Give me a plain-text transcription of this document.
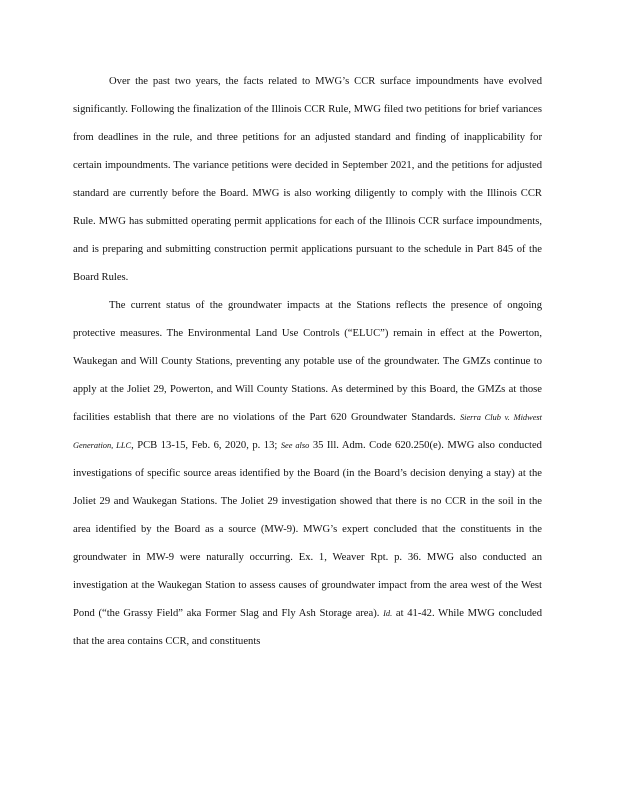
Over the past two years, the facts related to MWG’s CCR surface impoundments have evolved significantly. Following the finalization of the Illinois CCR Rule, MWG filed two petitions for brief variances from deadlines in the rule, and three petitions for an adjusted standard and finding of inapplicability for certain impoundments. The variance petitions were decided in September 2021, and the petitions for adjusted standard are currently before the Board. MWG is also working diligently to comply with the Illinois CCR Rule. MWG has submitted operating permit applications for each of the Illinois CCR surface impoundments, and is preparing and submitting construction permit applications pursuant to the schedule in Part 845 of the Board Rules.

The current status of the groundwater impacts at the Stations reflects the presence of ongoing protective measures. The Environmental Land Use Controls (“ELUC”) remain in effect at the Powerton, Waukegan and Will County Stations, preventing any potable use of the groundwater. The GMZs continue to apply at the Joliet 29, Powerton, and Will County Stations. As determined by this Board, the GMZs at those facilities establish that there are no violations of the Part 620 Groundwater Standards. Sierra Club v. Midwest Generation, LLC, PCB 13-15, Feb. 6, 2020, p. 13; See also 35 Ill. Adm. Code 620.250(e). MWG also conducted investigations of specific source areas identified by the Board (in the Board’s decision denying a stay) at the Joliet 29 and Waukegan Stations. The Joliet 29 investigation showed that there is no CCR in the soil in the area identified by the Board as a source (MW-9). MWG’s expert concluded that the constituents in the groundwater in MW-9 were naturally occurring. Ex. 1, Weaver Rpt. p. 36. MWG also conducted an investigation at the Waukegan Station to assess causes of groundwater impact from the area west of the West Pond (“the Grassy Field” aka Former Slag and Fly Ash Storage area). Id. at 41-42. While MWG concluded that the area contains CCR, and constituents
